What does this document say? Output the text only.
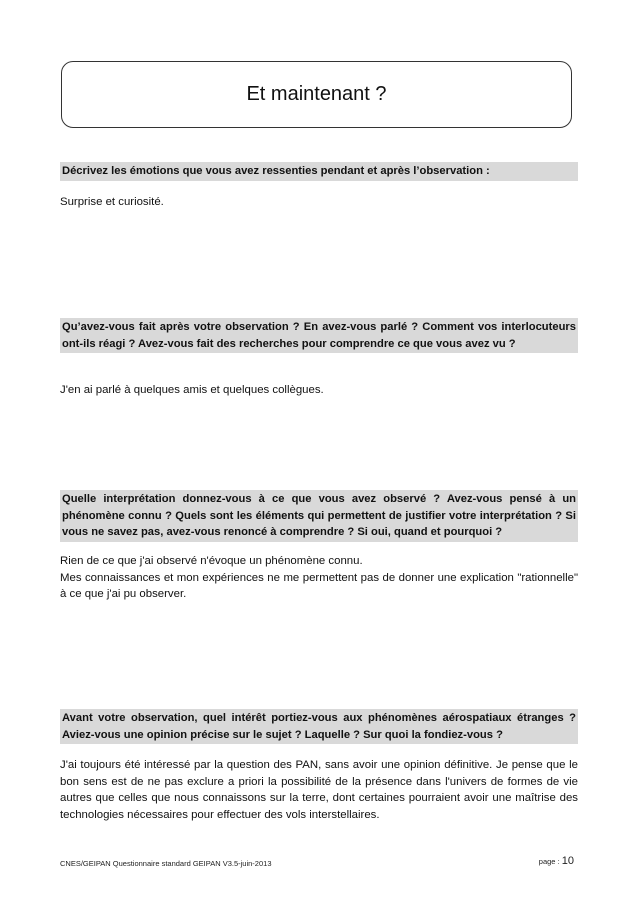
Et maintenant ?
Décrivez les émotions que vous avez ressenties pendant et après l’observation :

Surprise et curiosité.

Qu’avez-vous fait après votre observation ? En avez-vous parlé ? Comment vos interlocuteurs ont-ils réagi ? Avez-vous fait des recherches pour comprendre ce que vous avez vu ?

J'en ai parlé à quelques amis et quelques collègues.

Quelle interprétation donnez-vous à ce que vous avez observé ? Avez-vous pensé à un phénomène connu ? Quels sont les éléments qui permettent de justifier votre interprétation ? Si vous ne savez pas, avez-vous renoncé à comprendre ? Si oui, quand et pourquoi ?

Rien de ce que j'ai observé n'évoque un phénomène connu.

Mes connaissances et mon expériences ne me permettent pas de donner une explication "rationnelle" à ce que j'ai pu observer.

Avant votre observation, quel intérêt portiez-vous aux phénomènes aérospatiaux étranges ? Aviez-vous une opinion précise sur le sujet ? Laquelle ? Sur quoi la fondiez-vous ?

J'ai toujours été intéressé par la question des PAN, sans avoir une opinion définitive. Je pense que le bon sens est de ne pas exclure a priori la possibilité de la présence dans l'univers de formes de vie autres que celles que nous connaissons sur la terre, dont certaines pourraient avoir une maîtrise des technologies nécessaires pour effectuer des vols interstellaires.

CNES/GEIPAN Questionnaire standard GEIPAN V3.5-juin-2013	page : 10
